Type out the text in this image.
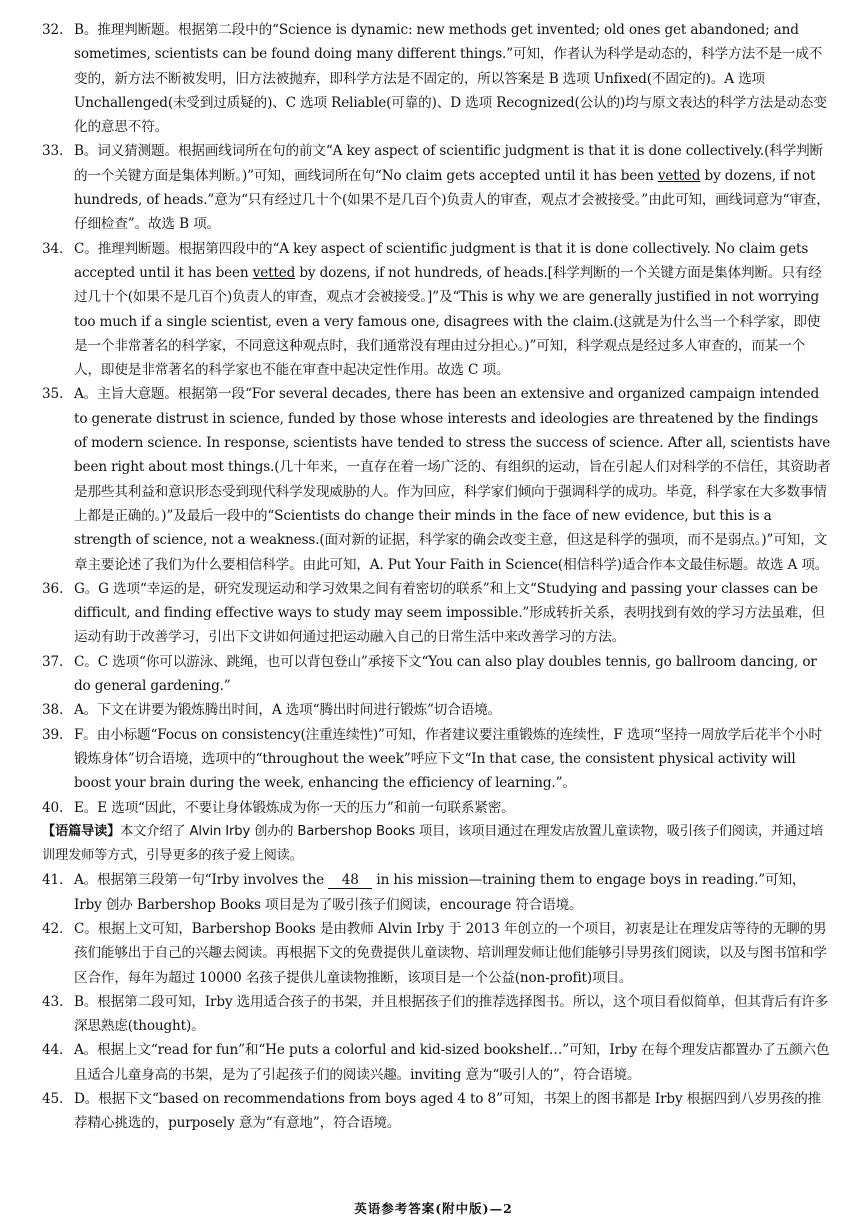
32. B。推理判断题。根据第二段中的“Science is dynamic: new methods get invented; old ones get abandoned; and sometimes, scientists can be found doing many different things.”可知，作者认为科学是动态的，科学方法不是一成不变的，新方法不断被发明，旧方法被抛弃，即科学方法是不固定的，所以答案是 B 选项 Unfixed(不固定的)。A 选项 Unchallenged(未受到过质疑的)、C 选项 Reliable(可靠的)、D 选项 Recognized(公认的)均与原文表达的科学方法是动态变化的意思不符。

33. B。词义猜测题。根据画线词所在句的前文“A key aspect of scientific judgment is that it is done collectively.(科学判断的一个关键方面是集体判断。)”可知，画线词所在句“No claim gets accepted until it has been vetted by dozens, if not hundreds, of heads.”意为“只有经过几十个(如果不是几百个)负责人的审查，观点才会被接受。”由此可知，画线词意为“审查，仔细检查”。故选 B 项。

34. C。推理判断题。根据第四段中的“A key aspect of scientific judgment is that it is done collectively. No claim gets accepted until it has been vetted by dozens, if not hundreds, of heads.[科学判断的一个关键方面是集体判断。只有经过几十个(如果不是几百个)负责人的审查，观点才会被接受。]”及“This is why we are generally justified in not worrying too much if a single scientist, even a very famous one, disagrees with the claim.(这就是为什么当一个科学家，即使是一个非常著名的科学家，不同意这种观点时，我们通常没有理由过分担心。)”可知，科学观点是经过多人审查的，而某一个人，即使是非常著名的科学家也不能在审查中起决定性作用。故选 C 项。

35. A。主旨大意题。根据第一段“For several decades, there has been an extensive and organized campaign intended to generate distrust in science, funded by those whose interests and ideologies are threatened by the findings of modern science. In response, scientists have tended to stress the success of science. After all, scientists have been right about most things.(几十年来，一直存在着一场广泛的、有组织的运动，旨在引起人们对科学的不信任，其资助者是那些其利益和意识形态受到现代科学发现威胁的人。作为回应，科学家们倾向于强调科学的成功。毕竟，科学家在大多数事情上都是正确的。)”及最后一段中的“Scientists do change their minds in the face of new evidence, but this is a strength of science, not a weakness.(面对新的证据，科学家的确会改变主意，但这是科学的强项，而不是弱点。)”可知，文章主要论述了我们为什么要相信科学。由此可知，A. Put Your Faith in Science(相信科学)适合作本文最佳标题。故选 A 项。

36. G。G 选项“幸运的是，研究发现运动和学习效果之间有着密切的联系”和上文“Studying and passing your classes can be difficult, and finding effective ways to study may seem impossible.”形成转折关系，表明找到有效的学习方法虽难，但运动有助于改善学习，引出下文讲如何通过把运动融入自己的日常生活中来改善学习的方法。

37. C。C 选项“你可以游泳、跳绳，也可以背包登山”承接下文“You can also play doubles tennis, go ballroom dancing, or do general gardening.”

38. A。下文在讲要为锻炼腾出时间，A 选项“腾出时间进行锻炼”切合语境。

39. F。由小标题“Focus on consistency(注重连续性)”可知，作者建议要注重锻炼的连续性，F 选项“坚持一周放学后花半个小时锻炼身体”切合语境，选项中的“throughout the week”呼应下文“In that case, the consistent physical activity will boost your brain during the week, enhancing the efficiency of learning.”。

40. E。E 选项“因此，不要让身体锻炼成为你一天的压力”和前一句联系紧密。

【语篇导读】本文介绍了 Alvin Irby 创办的 Barbershop Books 项目，该项目通过在理发店放置儿童读物，吸引孩子们阅读，并通过培训理发师等方式，引导更多的孩子爱上阅读。

41. A。根据第三段第一句“Irby involves the 48 in his mission—training them to engage boys in reading.”可知，Irby 创办 Barbershop Books 项目是为了吸引孩子们阅读，encourage 符合语境。

42. C。根据上文可知，Barbershop Books 是由教师 Alvin Irby 于 2013 年创立的一个项目，初衷是让在理发店等待的无聊的男孩们能够出于自己的兴趣去阅读。再根据下文的免费提供儿童读物、培训理发师让他们能够引导男孩们阅读，以及与图书馆和学区合作，每年为超过 10000 名孩子提供儿童读物推断，该项目是一个公益(non-profit)项目。

43. B。根据第二段可知，Irby 选用适合孩子的书架，并且根据孩子们的推荐选择图书。所以，这个项目看似简单，但其背后有许多深思熟虑(thought)。

44. A。根据上文“read for fun”和“He puts a colorful and kid-sized bookshelf…”可知，Irby 在每个理发店都置办了五颜六色且适合儿童身高的书架，是为了引起孩子们的阅读兴趣。inviting 意为“吸引人的”，符合语境。

45. D。根据下文“based on recommendations from boys aged 4 to 8”可知，书架上的图书都是 Irby 根据四到八岁男孩的推荐精心挑选的，purposely 意为“有意地”，符合语境。

英语参考答案(附中版)—2
